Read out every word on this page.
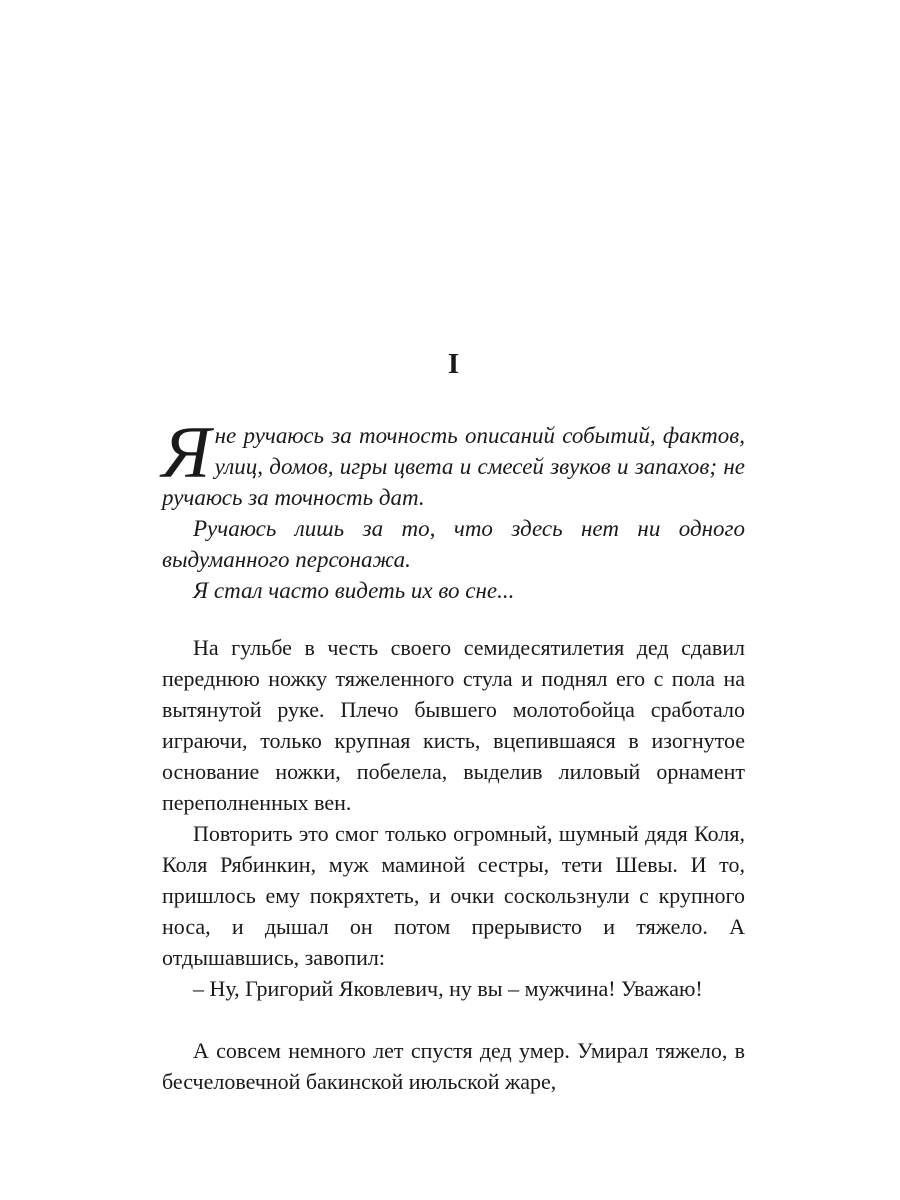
I

Яне ручаюсь за точность описаний событий, фактов, улиц, домов, игры цвета и смесей звуков и запахов; не ручаюсь за точность дат.

Ручаюсь лишь за то, что здесь нет ни одного выдуманного персонажа.

Я стал часто видеть их во сне...

На гульбе в честь своего семидесятилетия дед сдавил переднюю ножку тяжеленного стула и поднял его с пола на вытянутой руке. Плечо бывшего молотобойца сработало играючи, только крупная кисть, вцепившаяся в изогнутое основание ножки, побелела, выделив лиловый орнамент переполненных вен.

Повторить это смог только огромный, шумный дядя Коля, Коля Рябинкин, муж маминой сестры, тети Шевы. И то, пришлось ему покряхтеть, и очки соскользнули с крупного носа, и дышал он потом прерывисто и тяжело. А отдышавшись, завопил:

– Ну, Григорий Яковлевич, ну вы – мужчина! Уважаю!

А совсем немного лет спустя дед умер. Умирал тяжело, в бесчеловечной бакинской июльской жаре,
